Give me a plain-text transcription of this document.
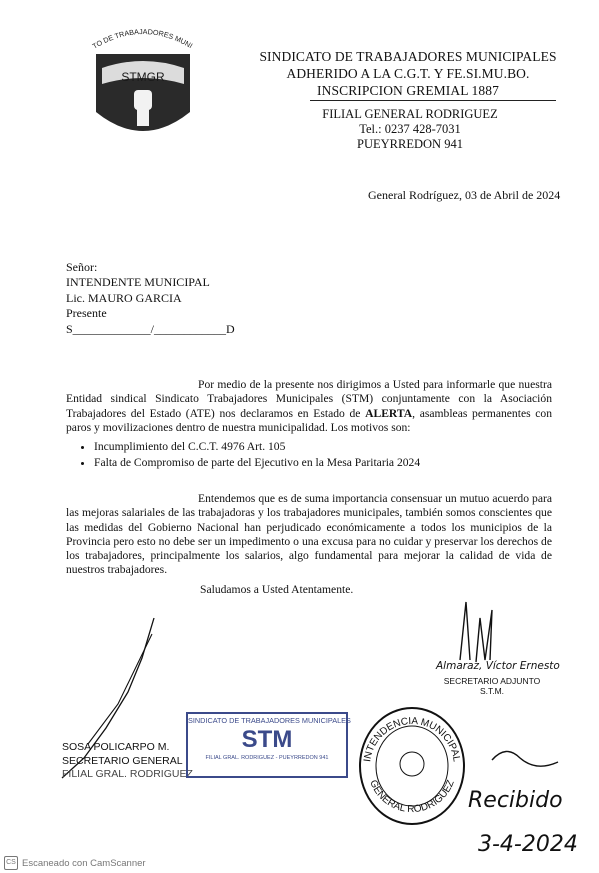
TO DE TRABAJADORES MUNI
STMGR
SINDICATO DE TRABAJADORES MUNICIPALES
ADHERIDO A LA C.G.T. Y FE.SI.MU.BO.
INSCRIPCION GREMIAL 1887
FILIAL GENERAL RODRIGUEZ
Tel.: 0237 428-7031
PUEYRREDON 941
General Rodríguez, 03 de Abril de 2024
Señor:
INTENDENTE MUNICIPAL
Lic. MAURO GARCIA
Presente
S_____________/____________D
Por medio de la presente nos dirigimos a Usted para informarle que nuestra Entidad sindical Sindicato Trabajadores Municipales (STM) conjuntamente con la Asociación Trabajadores del Estado (ATE) nos declaramos en Estado de ALERTA, asambleas permanentes con paros y movilizaciones dentro de nuestra municipalidad. Los motivos son:
• Incumplimiento del C.C.T. 4976 Art. 105
• Falta de Compromiso de parte del Ejecutivo en la Mesa Paritaria 2024
Entendemos que es de suma importancia consensuar un mutuo acuerdo para las mejoras salariales de las trabajadoras y los trabajadores municipales, también somos conscientes que las medidas del Gobierno Nacional han perjudicado económicamente a todos los municipios de la Provincia pero esto no debe ser un impedimento o una excusa para no cuidar y preservar los derechos de los trabajadores, principalmente los salarios, algo fundamental para mejorar la calidad de vida de nuestros trabajadores.
Saludamos a Usted Atentamente.
Almaraz, Víctor Ernesto
SECRETARIO ADJUNTO
S.T.M.
SOSA POLICARPO M.
SECRETARIO GENERAL
FILIAL GRAL. RODRIGUEZ
SINDICATO DE TRABAJADORES MUNICIPALES
STM
FILIAL GRAL. RODRIGUEZ - PUEYRREDON 941	INTENDENCIA MUNICIPAL
GENERAL RODRIGUEZ
Recibido
3-4-2024
CS Escaneado con CamScanner
